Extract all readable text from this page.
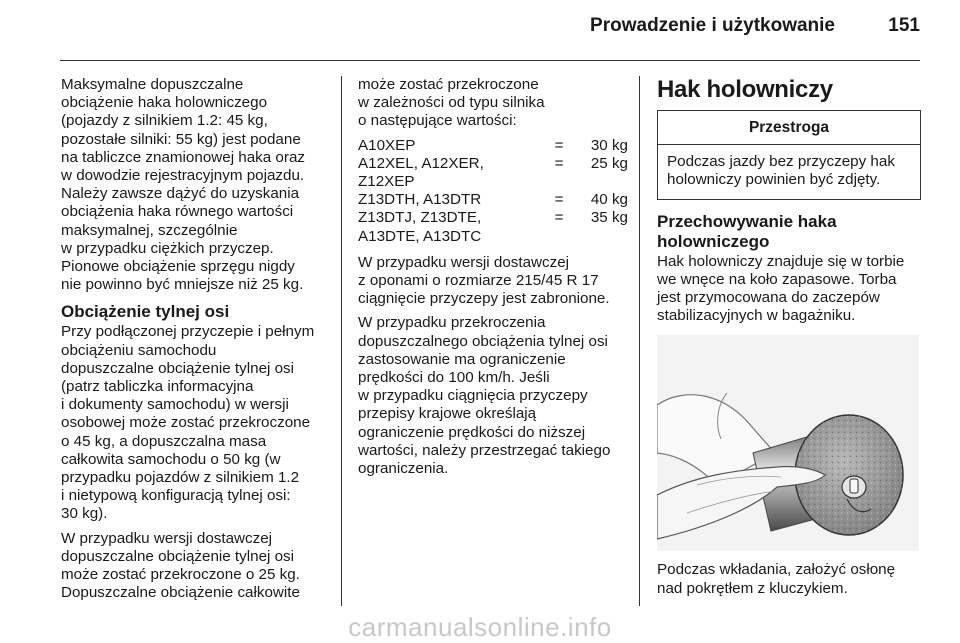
Prowadzenie i użytkowanie	151

Maksymalne dopuszczalne
obciążenie haka holowniczego
(pojazdy z silnikiem 1.2: 45 kg,
pozostałe silniki: 55 kg) jest podane
na tabliczce znamionowej haka oraz
w dowodzie rejestracyjnym pojazdu.
Należy zawsze dążyć do uzyskania
obciążenia haka równego wartości
maksymalnej, szczególnie
w przypadku ciężkich przyczep.
Pionowe obciążenie sprzęgu nigdy
nie powinno być mniejsze niż 25 kg.

Obciążenie tylnej osi

Przy podłączonej przyczepie i pełnym
obciążeniu samochodu
dopuszczalne obciążenie tylnej osi
(patrz tabliczka informacyjna
i dokumenty samochodu) w wersji
osobowej może zostać przekroczone
o 45 kg, a dopuszczalna masa
całkowita samochodu o 50 kg (w
przypadku pojazdów z silnikiem 1.2
i nietypową konfiguracją tylnej osi:
30 kg).

W przypadku wersji dostawczej
dopuszczalne obciążenie tylnej osi
może zostać przekroczone o 25 kg.
Dopuszczalne obciążenie całkowite

może zostać przekroczone
w zależności od typu silnika
o następujące wartości:

A10XEP	=	30 kg
A12XEL, A12XER,
Z12XEP	=	25 kg
Z13DTH, A13DTR	=	40 kg
Z13DTJ, Z13DTE,
A13DTE, A13DTC	=	35 kg

W przypadku wersji dostawczej
z oponami o rozmiarze 215/45 R 17
ciągnięcie przyczepy jest zabronione.

W przypadku przekroczenia
dopuszczalnego obciążenia tylnej osi
zastosowanie ma ograniczenie
prędkości do 100 km/h. Jeśli
w przypadku ciągnięcia przyczepy
przepisy krajowe określają
ograniczenie prędkości do niższej
wartości, należy przestrzegać takiego
ograniczenia.

Hak holowniczy
Przestroga
Podczas jazdy bez przyczepy hak
holowniczy powinien być zdjęty.
Przechowywanie haka
holowniczego

Hak holowniczy znajduje się w torbie
we wnęce na koło zapasowe. Torba
jest przymocowana do zaczepów
stabilizacyjnych w bagażniku.

Podczas wkładania, założyć osłonę
nad pokrętłem z kluczykiem.

carmanualsonline.info
